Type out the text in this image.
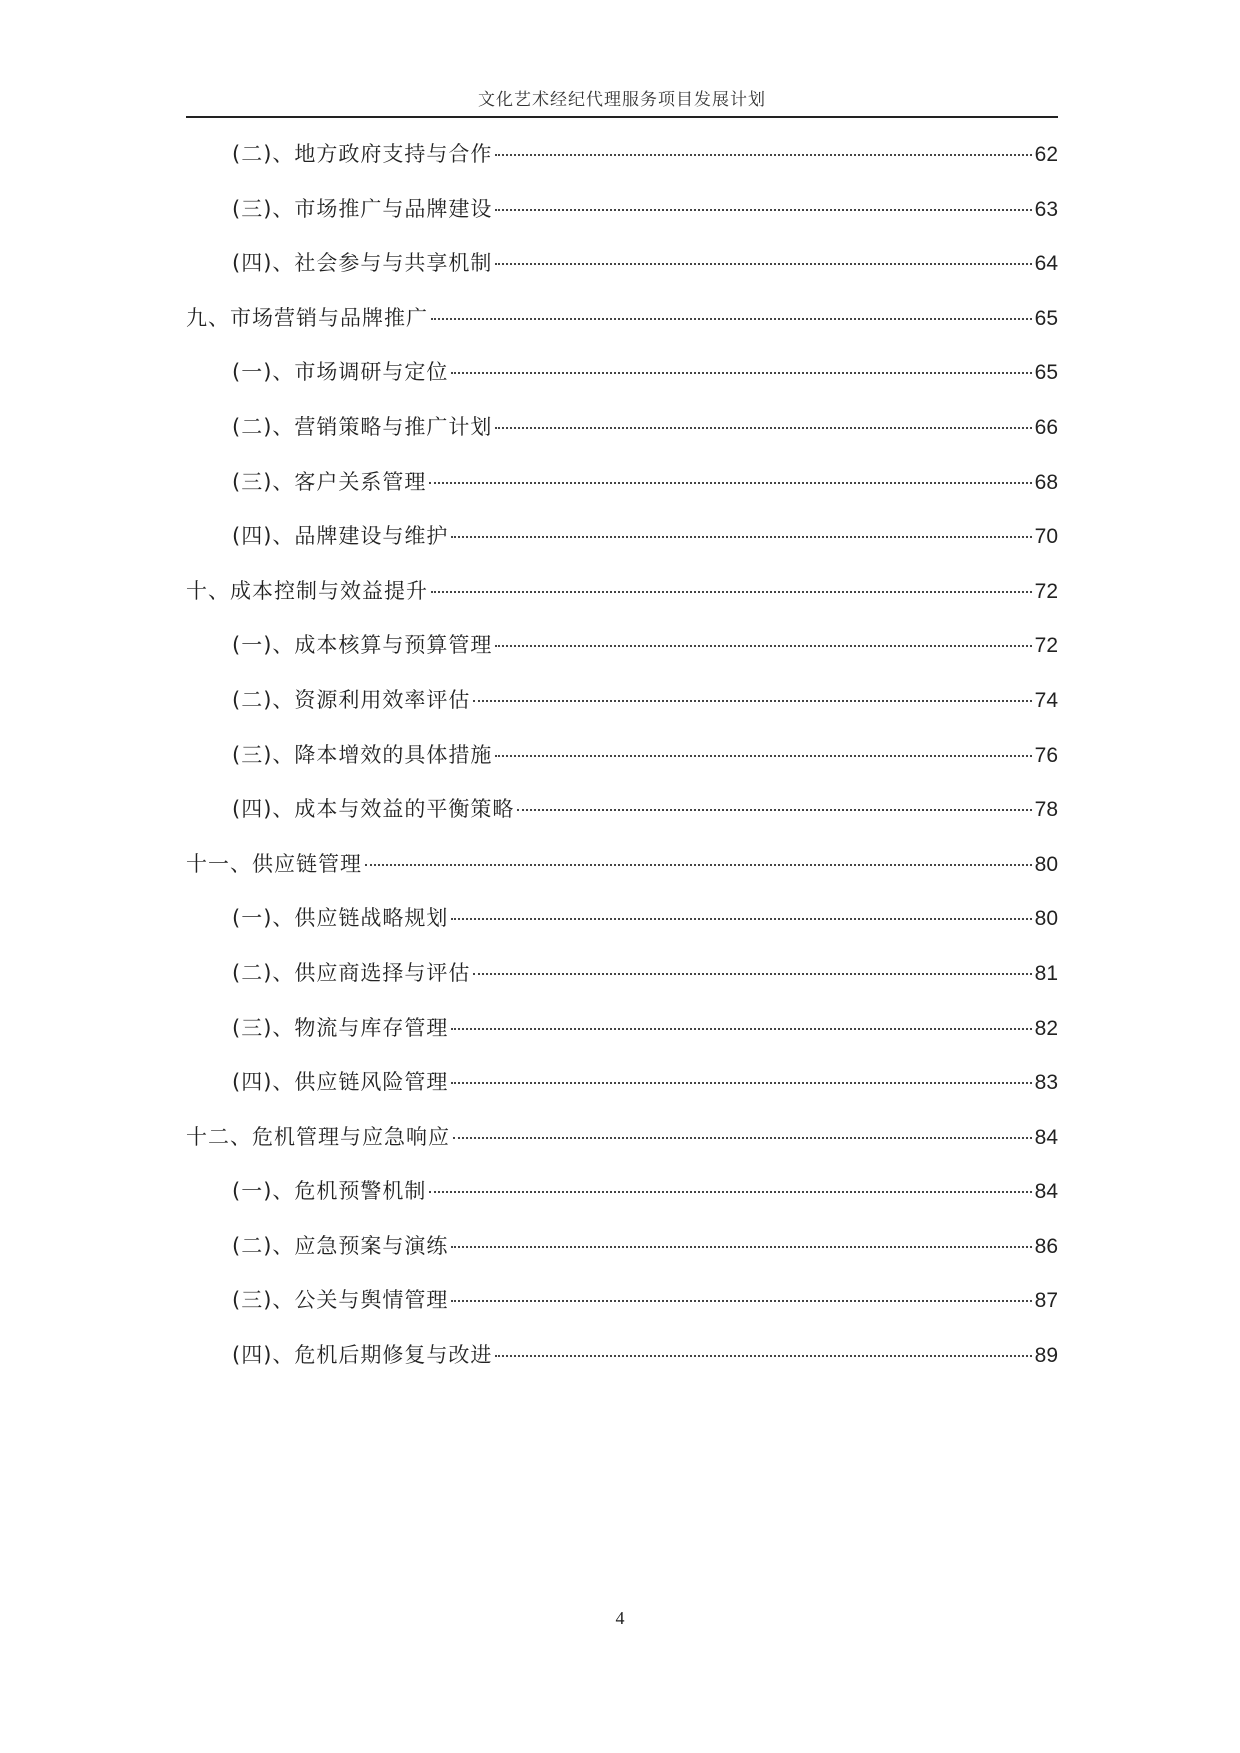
文化艺术经纪代理服务项目发展计划
(二)、地方政府支持与合作	62
(三)、市场推广与品牌建设	63
(四)、社会参与与共享机制	64
九、市场营销与品牌推广	65
(一)、市场调研与定位	65
(二)、营销策略与推广计划	66
(三)、客户关系管理	68
(四)、品牌建设与维护	70
十、成本控制与效益提升	72
(一)、成本核算与预算管理	72
(二)、资源利用效率评估	74
(三)、降本增效的具体措施	76
(四)、成本与效益的平衡策略	78
十一、供应链管理	80
(一)、供应链战略规划	80
(二)、供应商选择与评估	81
(三)、物流与库存管理	82
(四)、供应链风险管理	83
十二、危机管理与应急响应	84
(一)、危机预警机制	84
(二)、应急预案与演练	86
(三)、公关与舆情管理	87
(四)、危机后期修复与改进	89
4
